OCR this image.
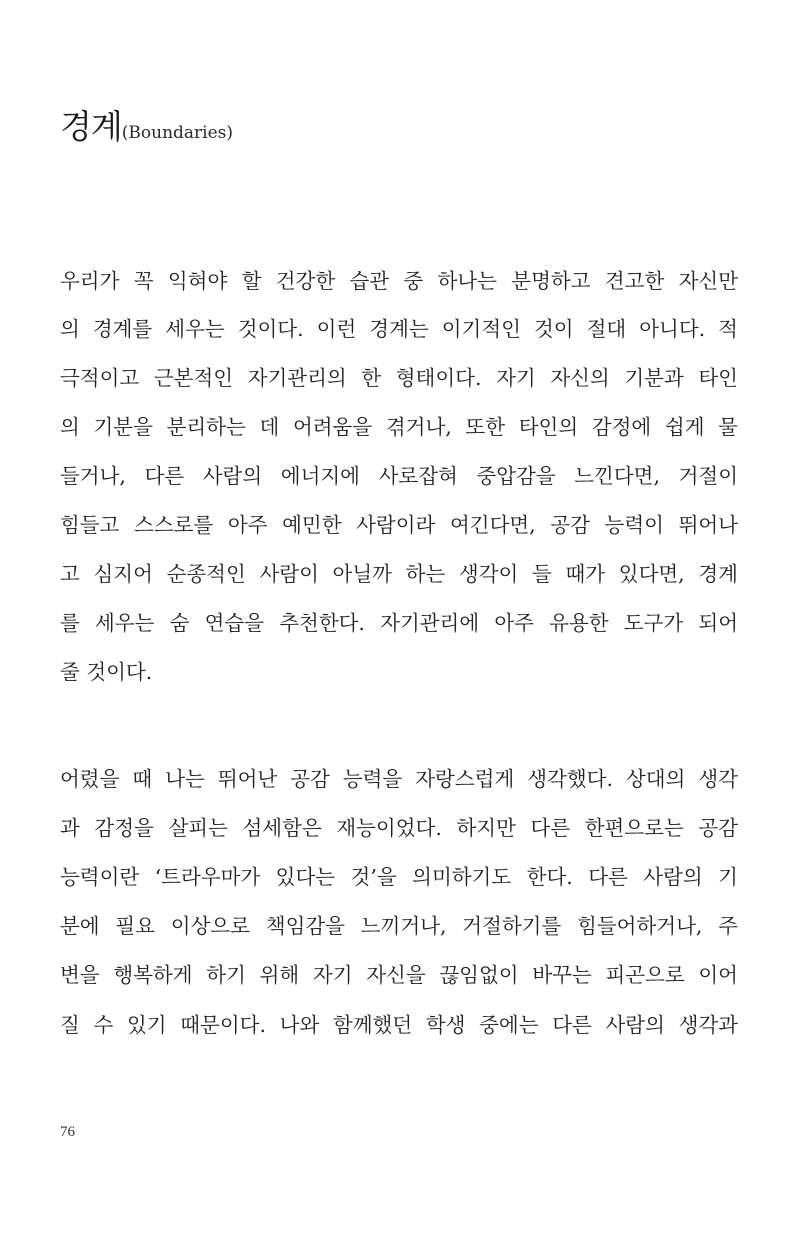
경계(Boundaries)
우리가 꼭 익혀야 할 건강한 습관 중 하나는 분명하고 견고한 자신만
의 경계를 세우는 것이다. 이런 경계는 이기적인 것이 절대 아니다. 적
극적이고 근본적인 자기관리의 한 형태이다. 자기 자신의 기분과 타인
의 기분을 분리하는 데 어려움을 겪거나, 또한 타인의 감정에 쉽게 물
들거나, 다른 사람의 에너지에 사로잡혀 중압감을 느낀다면, 거절이
힘들고 스스로를 아주 예민한 사람이라 여긴다면, 공감 능력이 뛰어나
고 심지어 순종적인 사람이 아닐까 하는 생각이 들 때가 있다면, 경계
를 세우는 숨 연습을 추천한다. 자기관리에 아주 유용한 도구가 되어
줄 것이다.
어렸을 때 나는 뛰어난 공감 능력을 자랑스럽게 생각했다. 상대의 생각
과 감정을 살피는 섬세함은 재능이었다. 하지만 다른 한편으로는 공감
능력이란 ‘트라우마가 있다는 것’을 의미하기도 한다. 다른 사람의 기
분에 필요 이상으로 책임감을 느끼거나, 거절하기를 힘들어하거나, 주
변을 행복하게 하기 위해 자기 자신을 끊임없이 바꾸는 피곤으로 이어
질 수 있기 때문이다. 나와 함께했던 학생 중에는 다른 사람의 생각과
76
